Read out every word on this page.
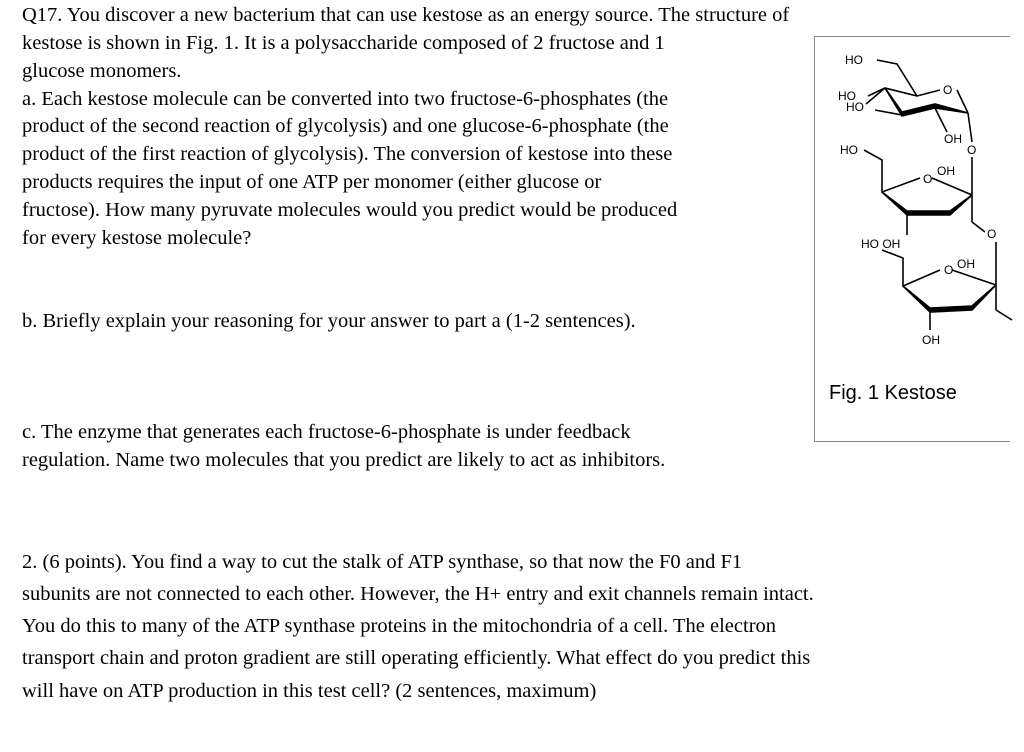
Q17. You discover a new bacterium that can use kestose as an energy source. The structure of
kestose is shown in Fig. 1. It is a polysaccharide composed of 2 fructose and 1
glucose monomers.
a. Each kestose molecule can be converted into two fructose-6-phosphates (the
product of the second reaction of glycolysis) and one glucose-6-phosphate (the
product of the first reaction of glycolysis). The conversion of kestose into these
products requires the input of one ATP per monomer (either glucose or
fructose). How many pyruvate molecules would you predict would be produced
for every kestose molecule?
b. Briefly explain your reasoning for your answer to part a (1-2 sentences).
c. The enzyme that generates each fructose-6-phosphate is under feedback
regulation. Name two molecules that you predict are likely to act as inhibitors.
HO
O
HO
HO
OH
O
HO
O
OH
HO OH
O
O OH
OH
Fig. 1 Kestose
2. (6 points). You find a way to cut the stalk of ATP synthase, so that now the F0 and F1
subunits are not connected to each other. However, the H+ entry and exit channels remain intact.
You do this to many of the ATP synthase proteins in the mitochondria of a cell. The electron
transport chain and proton gradient are still operating efficiently. What effect do you predict this
will have on ATP production in this test cell? (2 sentences, maximum)
